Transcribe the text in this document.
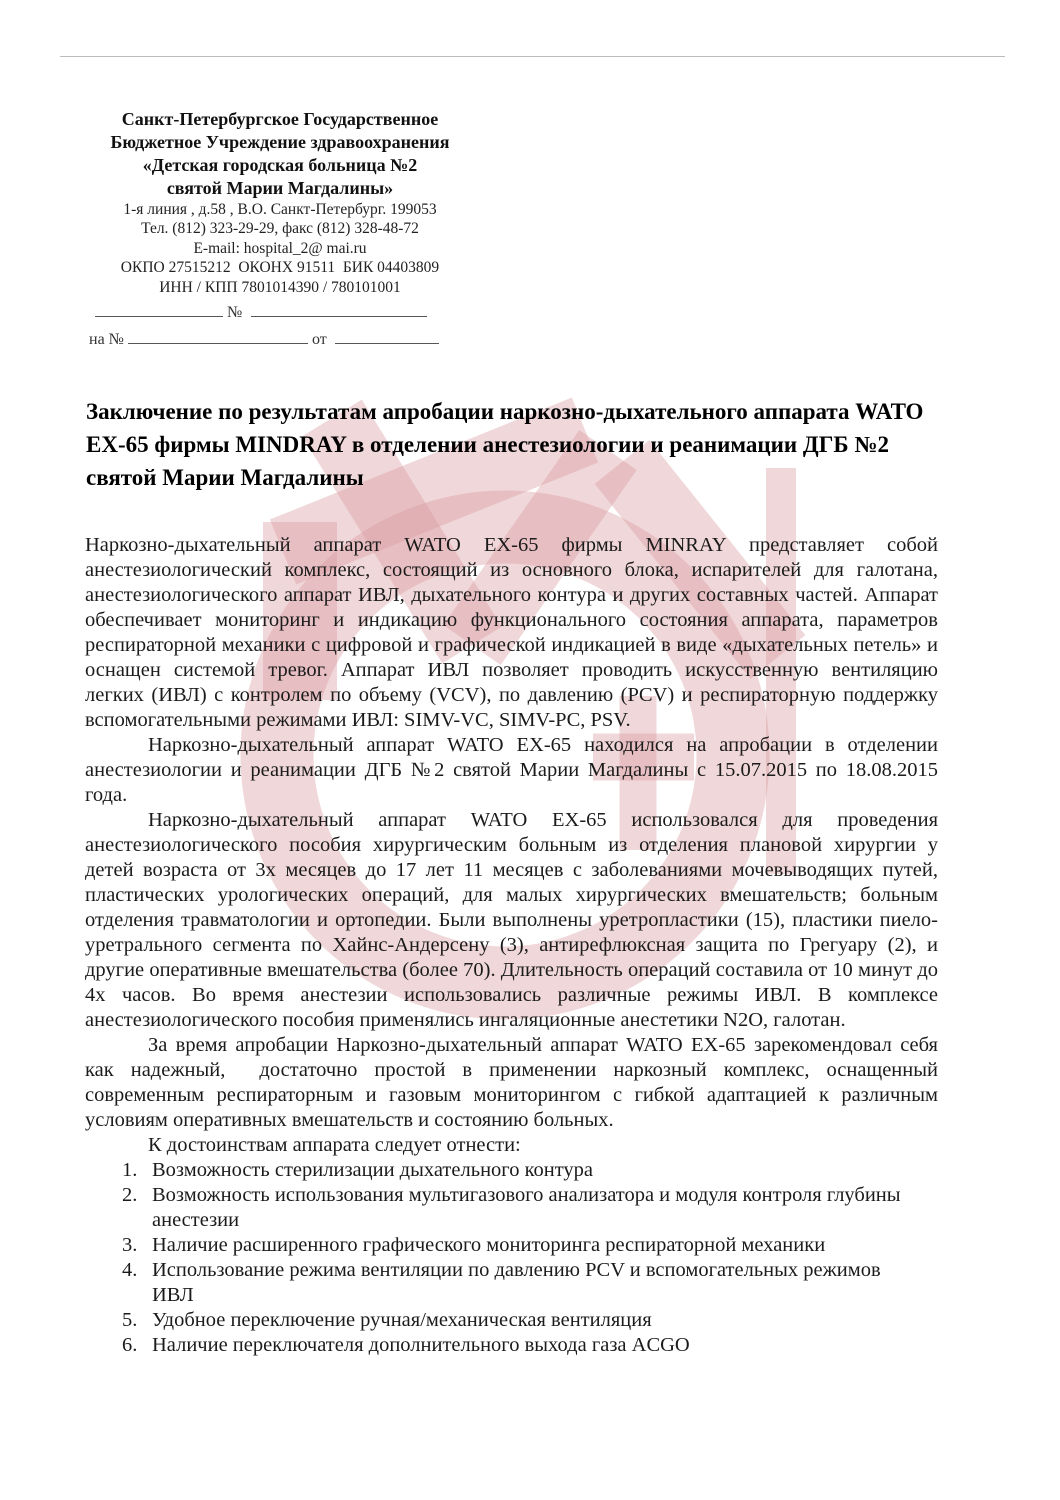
Санкт-Петербургское Государственное
Бюджетное Учреждение здравоохранения
«Детская городская больница №2
святой Марии Магдалины»
1-я линия , д.58 , В.О. Санкт-Петербург. 199053
Тел. (812) 323-29-29, факс (812) 328-48-72
E-mail: hospital_2@ mai.ru
ОКПО 27515212  ОКОНХ 91511  БИК 04403809
ИНН / КПП 7801014390 / 780101001
№
на №	от
Заключение по результатам апробации наркозно-дыхательного аппарата WATO EX-65 фирмы MINDRAY в отделении анестезиологии и реанимации ДГБ №2 святой Марии Магдалины

Наркозно-дыхательный аппарат WATO EX-65 фирмы MINRAY представляет собой анестезиологический комплекс, состоящий из основного блока, испарителей для галотана, анестезиологического аппарат ИВЛ, дыхательного контура и других составных частей. Аппарат обеспечивает мониторинг и индикацию функционального состояния аппарата, параметров респираторной механики с цифровой и графической индикацией в виде «дыхательных петель» и оснащен системой тревог. Аппарат ИВЛ позволяет проводить искусственную вентиляцию легких (ИВЛ) с контролем по объему (VCV), по давлению (PCV) и респираторную поддержку вспомогательными режимами ИВЛ: SIMV-VC, SIMV-PC, PSV.

Наркозно-дыхательный аппарат WATO EX-65 находился на апробации в отделении анестезиологии и реанимации ДГБ №2 святой Марии Магдалины с 15.07.2015 по 18.08.2015 года.

Наркозно-дыхательный аппарат WATO EX-65 использовался для проведения анестезиологического пособия хирургическим больным из отделения плановой хирургии у детей возраста от 3х месяцев до 17 лет 11 месяцев с заболеваниями мочевыводящих путей, пластических урологических операций, для малых хирургических вмешательств; больным отделения травматологии и ортопедии. Были выполнены уретропластики (15), пластики пиело-уретрального сегмента по Хайнс-Андерсену (3), антирефлюксная защита по Грегуару (2), и другие оперативные вмешательства (более 70). Длительность операций составила от 10 минут до 4х часов. Во время анестезии использовались различные режимы ИВЛ. В комплексе анестезиологического пособия применялись ингаляционные анестетики N2O, галотан.

За время апробации Наркозно-дыхательный аппарат WATO EX-65 зарекомендовал себя как надежный,  достаточно простой в применении наркозный комплекс, оснащенный современным респираторным и газовым мониторингом с гибкой адаптацией к различным условиям оперативных вмешательств и состоянию больных.

К достоинствам аппарата следует отнести:

1. Возможность стерилизации дыхательного контура
2. Возможность использования мультигазового анализатора и модуля контроля глубины анестезии
3. Наличие расширенного графического мониторинга респираторной механики
4. Использование режима вентиляции по давлению PCV и вспомогательных режимов ИВЛ
5. Удобное переключение ручная/механическая вентиляция
6. Наличие переключателя дополнительного выхода газа ACGO
